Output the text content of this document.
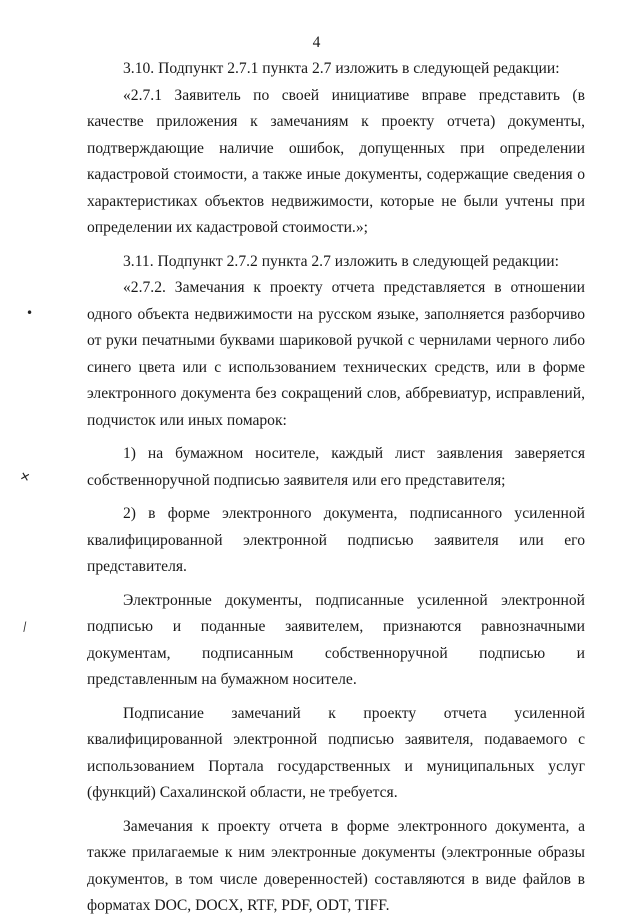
4

3.10. Подпункт 2.7.1 пункта 2.7 изложить в следующей редакции:

«2.7.1 Заявитель по своей инициативе вправе представить (в качестве приложения к замечаниям к проекту отчета) документы, подтверждающие наличие ошибок, допущенных при определении кадастровой стоимости, а также иные документы, содержащие сведения о характеристиках объектов недвижимости, которые не были учтены при определении их кадастровой стоимости.»;

3.11. Подпункт 2.7.2 пункта 2.7 изложить в следующей редакции:

«2.7.2. Замечания к проекту отчета представляется в отношении одного объекта недвижимости на русском языке, заполняется разборчиво от руки печатными буквами шариковой ручкой с чернилами черного либо синего цвета или с использованием технических средств, или в форме электронного документа без сокращений слов, аббревиатур, исправлений, подчисток или иных помарок:

1) на бумажном носителе, каждый лист заявления заверяется собственноручной подписью заявителя или его представителя;

2) в форме электронного документа, подписанного усиленной квалифицированной электронной подписью заявителя или его представителя.

Электронные документы, подписанные усиленной электронной подписью и поданные заявителем, признаются равнозначными документам, подписанным собственноручной подписью и представленным на бумажном носителе.

Подписание замечаний к проекту отчета усиленной квалифицированной электронной подписью заявителя, подаваемого с использованием Портала государственных и муниципальных услуг (функций) Сахалинской области, не требуется.

Замечания к проекту отчета в форме электронного документа, а также прилагаемые к ним электронные документы (электронные образы документов, в том числе доверенностей) составляются в виде файлов в форматах DOC, DOCX, RTF, PDF, ODT, TIFF.

•
✕
⁄
